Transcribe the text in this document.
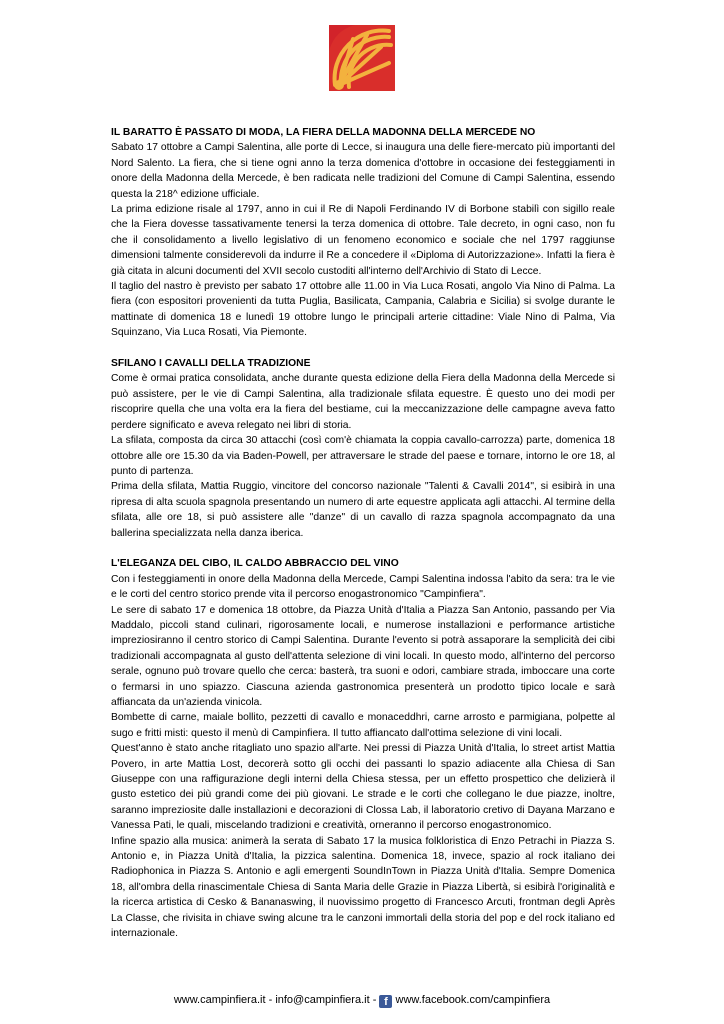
IL BARATTO È PASSATO DI MODA, LA FIERA DELLA MADONNA DELLA MERCEDE NO

Sabato 17 ottobre a Campi Salentina, alle porte di Lecce, si inaugura una delle fiere-mercato più importanti del Nord Salento. La fiera, che si tiene ogni anno la terza domenica d'ottobre in occasione dei festeggiamenti in onore della Madonna della Mercede, è ben radicata nelle tradizioni del Comune di Campi Salentina, essendo questa la 218^ edizione ufficiale.

La prima edizione risale al 1797, anno in cui il Re di Napoli Ferdinando IV di Borbone stabilì con sigillo reale che la Fiera dovesse tassativamente tenersi la terza domenica di ottobre. Tale decreto, in ogni caso, non fu che il consolidamento a livello legislativo di un fenomeno economico e sociale che nel 1797 raggiunse dimensioni talmente considerevoli da indurre il Re a concedere il «Diploma di Autorizzazione». Infatti la fiera è già citata in alcuni documenti del XVII secolo custoditi all'interno dell'Archivio di Stato di Lecce.

Il taglio del nastro è previsto per sabato 17 ottobre alle 11.00 in Via Luca Rosati, angolo Via Nino di Palma. La fiera (con espositori provenienti da tutta Puglia, Basilicata, Campania, Calabria e Sicilia) si svolge durante le mattinate di domenica 18 e lunedì 19 ottobre lungo le principali arterie cittadine: Viale Nino di Palma, Via Squinzano, Via Luca Rosati, Via Piemonte.

SFILANO I CAVALLI DELLA TRADIZIONE

Come è ormai pratica consolidata, anche durante questa edizione della Fiera della Madonna della Mercede si può assistere, per le vie di Campi Salentina, alla tradizionale sfilata equestre. È questo uno dei modi per riscoprire quella che una volta era la fiera del bestiame, cui la meccanizzazione delle campagne aveva fatto perdere significato e aveva relegato nei libri di storia.

La sfilata, composta da circa 30 attacchi (così com'è chiamata la coppia cavallo-carrozza) parte, domenica 18 ottobre alle ore 15.30 da via Baden-Powell, per attraversare le strade del paese e tornare, intorno le ore 18, al punto di partenza.

Prima della sfilata, Mattia Ruggio, vincitore del concorso nazionale "Talenti & Cavalli 2014", si esibirà in una ripresa di alta scuola spagnola presentando un numero di arte equestre applicata agli attacchi. Al termine della sfilata, alle ore 18, si può assistere alle "danze" di un cavallo di razza spagnola accompagnato da una ballerina specializzata nella danza iberica.

L'ELEGANZA DEL CIBO, IL CALDO ABBRACCIO DEL VINO

Con i festeggiamenti in onore della Madonna della Mercede, Campi Salentina indossa l'abito da sera: tra le vie e le corti del centro storico prende vita il percorso enogastronomico "Campinfiera".

Le sere di sabato 17 e domenica 18 ottobre, da Piazza Unità d'Italia a Piazza San Antonio, passando per Via Maddalo, piccoli stand culinari, rigorosamente locali, e numerose installazioni e performance artistiche impreziosiranno il centro storico di Campi Salentina. Durante l'evento si potrà assaporare la semplicità dei cibi tradizionali accompagnata al gusto dell'attenta selezione di vini locali. In questo modo, all'interno del percorso serale, ognuno può trovare quello che cerca: basterà, tra suoni e odori, cambiare strada, imboccare una corte o fermarsi in uno spiazzo. Ciascuna azienda gastronomica presenterà un prodotto tipico locale e sarà affiancata da un'azienda vinicola.

Bombette di carne, maiale bollito, pezzetti di cavallo e monaceddhri, carne arrosto e parmigiana, polpette al sugo e fritti misti: questo il menù di Campinfiera. Il tutto affiancato dall'ottima selezione di vini locali.

Quest'anno è stato anche ritagliato uno spazio all'arte. Nei pressi di Piazza Unità d'Italia, lo street artist Mattia Povero, in arte Mattia Lost, decorerà sotto gli occhi dei passanti lo spazio adiacente alla Chiesa di San Giuseppe con una raffigurazione degli interni della Chiesa stessa, per un effetto prospettico che delizierà il gusto estetico dei più grandi come dei più giovani. Le strade e le corti che collegano le due piazze, inoltre, saranno impreziosite dalle installazioni e decorazioni di Clossa Lab, il laboratorio cretivo di Dayana Marzano e Vanessa Pati, le quali, miscelando tradizioni e creatività, orneranno il percorso enogastronomico.

Infine spazio alla musica: animerà la serata di Sabato 17 la musica folkloristica di Enzo Petrachi in Piazza S. Antonio e, in Piazza Unità d'Italia, la pizzica salentina. Domenica 18, invece, spazio al rock italiano dei Radiophonica in Piazza S. Antonio e agli emergenti SoundInTown in Piazza Unità d'Italia. Sempre Domenica 18, all'ombra della rinascimentale Chiesa di Santa Maria delle Grazie in Piazza Libertà, si esibirà l'originalità e la ricerca artistica di Cesko & Bananaswing, il nuovissimo progetto di Francesco Arcuti, frontman degli Après La Classe, che rivisita in chiave swing alcune tra le canzoni immortali della storia del pop e del rock italiano ed internazionale.

www.campinfiera.it - info@campinfiera.it - f www.facebook.com/campinfiera
